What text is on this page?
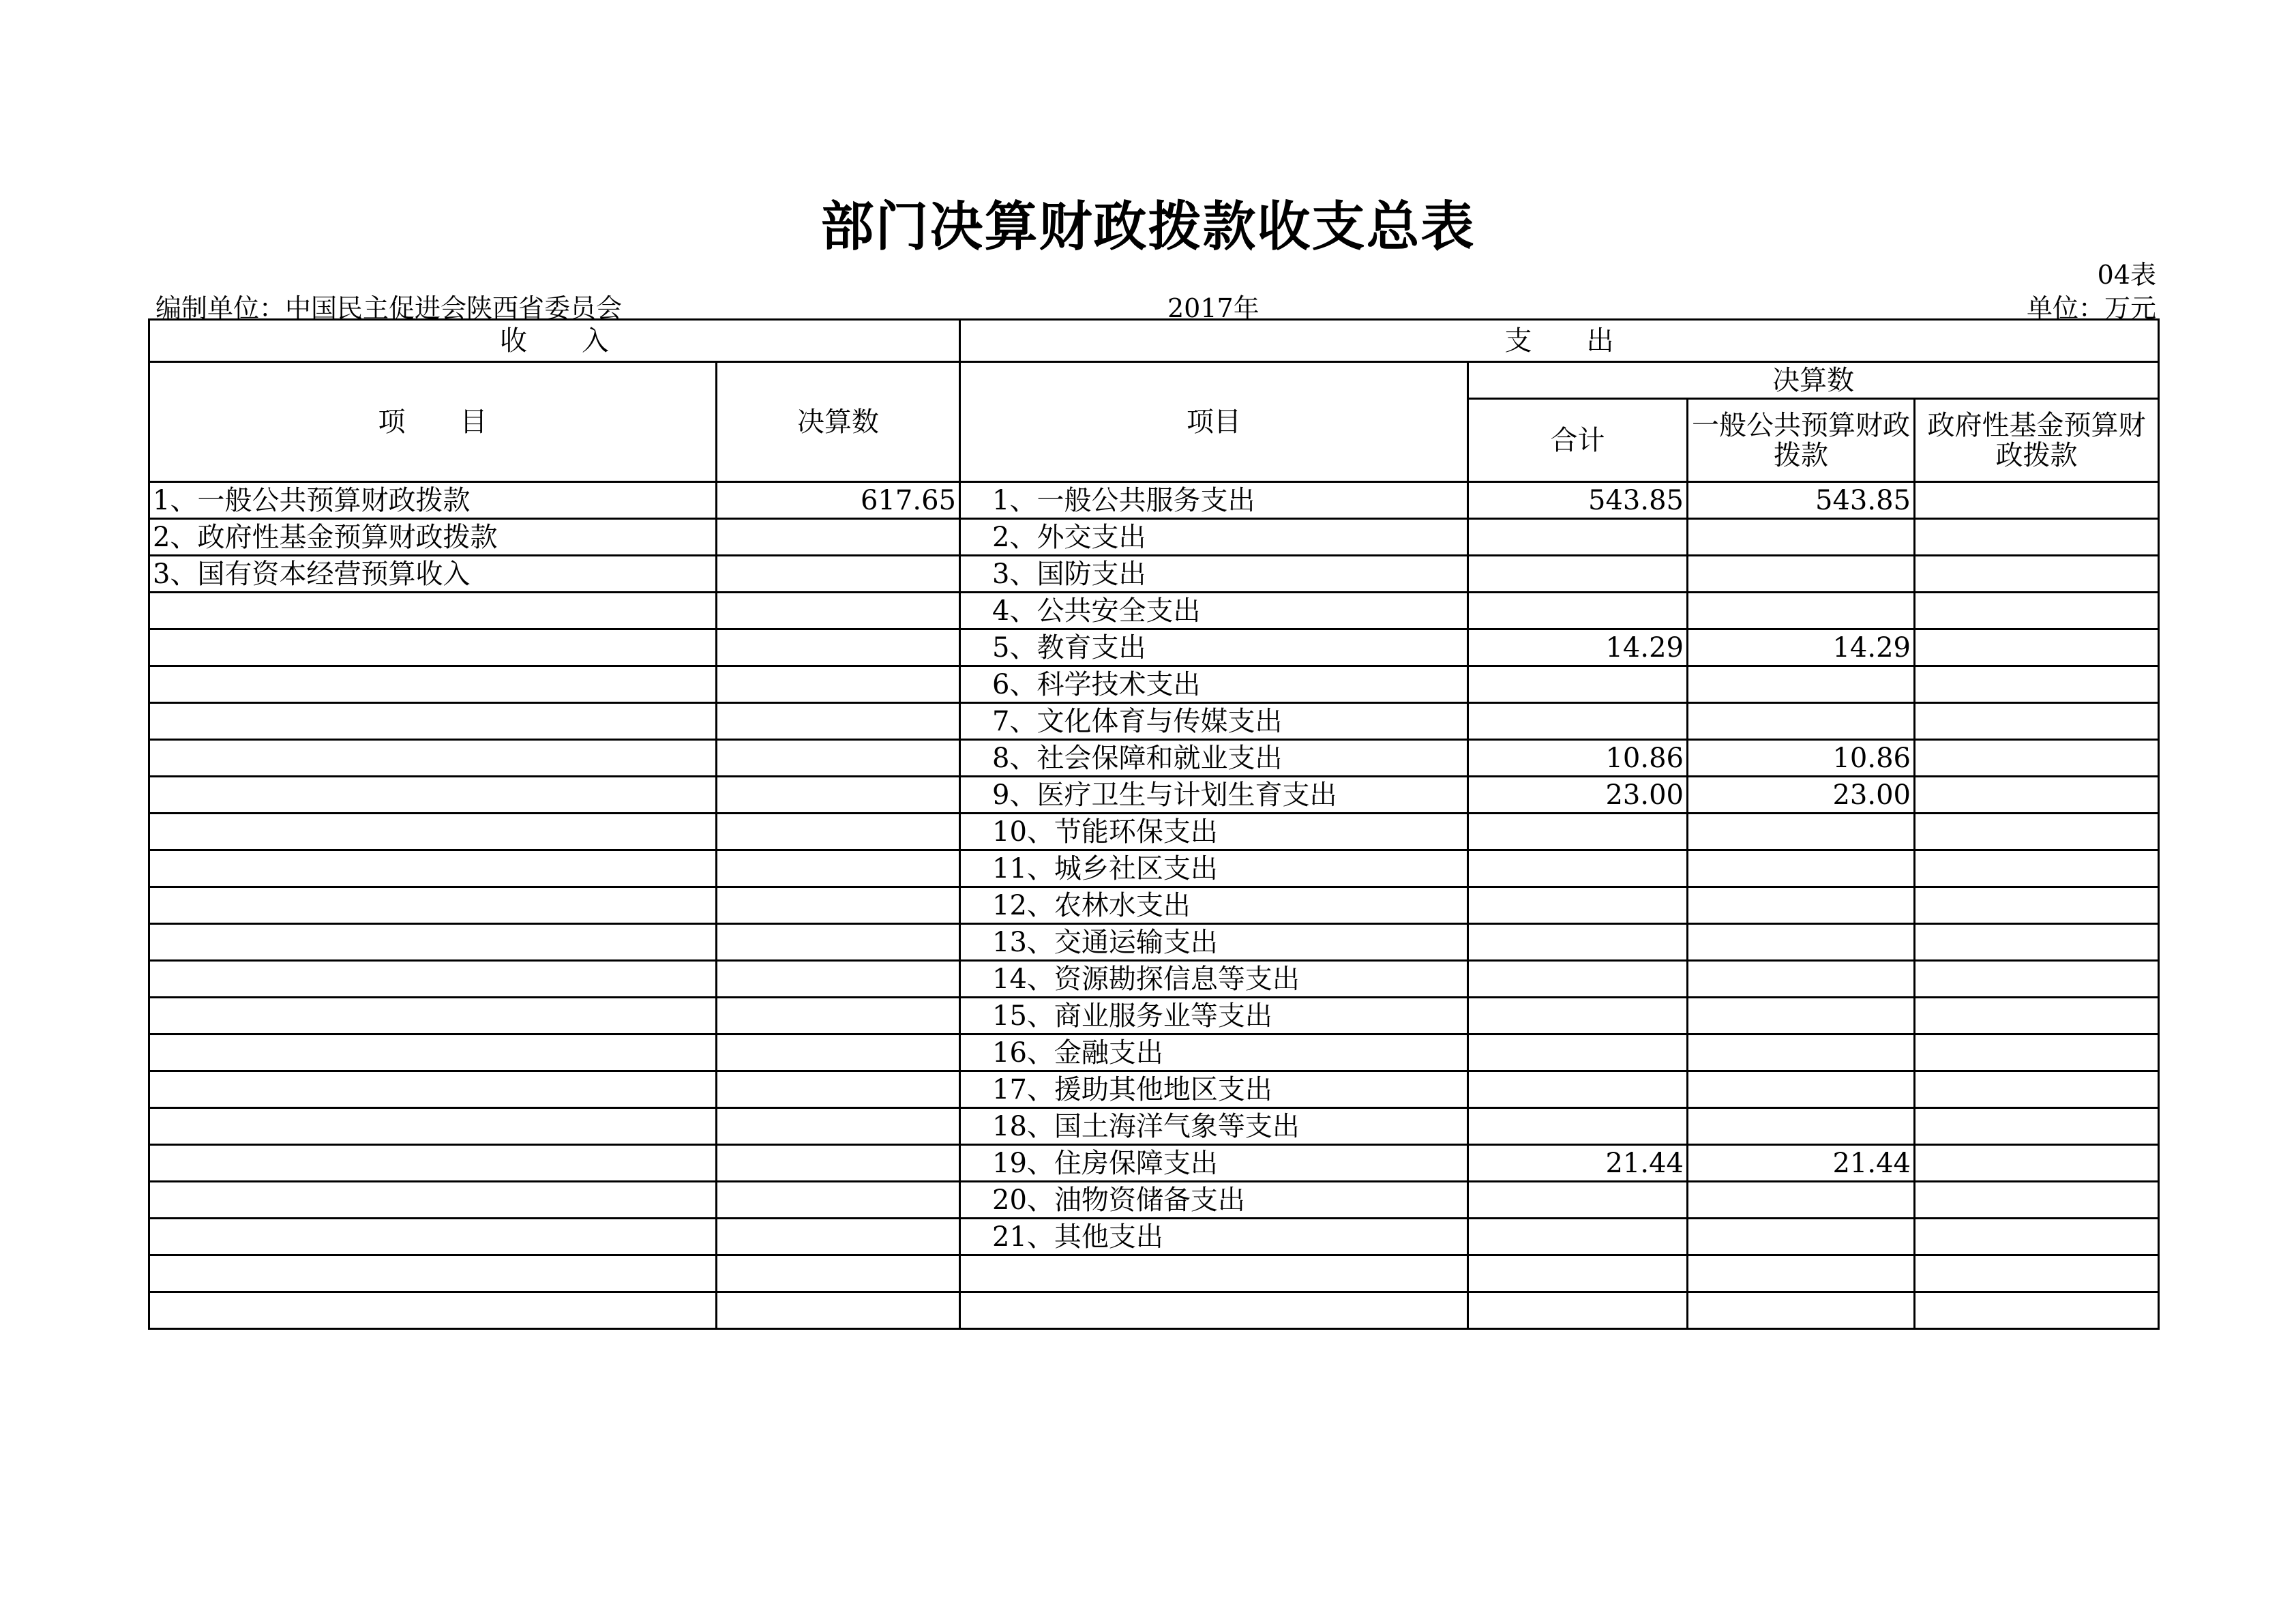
部门决算财政拨款收支总表
04表
编制单位：中国民主促进会陕西省委员会	2017年	单位：万元
收　　入		支　　出			
项　　目	决算数	项目	决算数		
			合计	一般公共预算财政拨款	政府性基金预算财政拨款
1、一般公共预算财政拨款	617.65	1、一般公共服务支出	543.85	543.85	
2、政府性基金预算财政拨款		2、外交支出			
3、国有资本经营预算收入		3、国防支出			
		4、公共安全支出			
		5、教育支出	14.29	14.29	
		6、科学技术支出			
		7、文化体育与传媒支出			
		8、社会保障和就业支出	10.86	10.86	
		9、医疗卫生与计划生育支出	23.00	23.00	
		10、节能环保支出			
		11、城乡社区支出			
		12、农林水支出			
		13、交通运输支出			
		14、资源勘探信息等支出			
		15、商业服务业等支出			
		16、金融支出			
		17、援助其他地区支出			
		18、国土海洋气象等支出			
		19、住房保障支出	21.44	21.44	
		20、油物资储备支出			
		21、其他支出			
